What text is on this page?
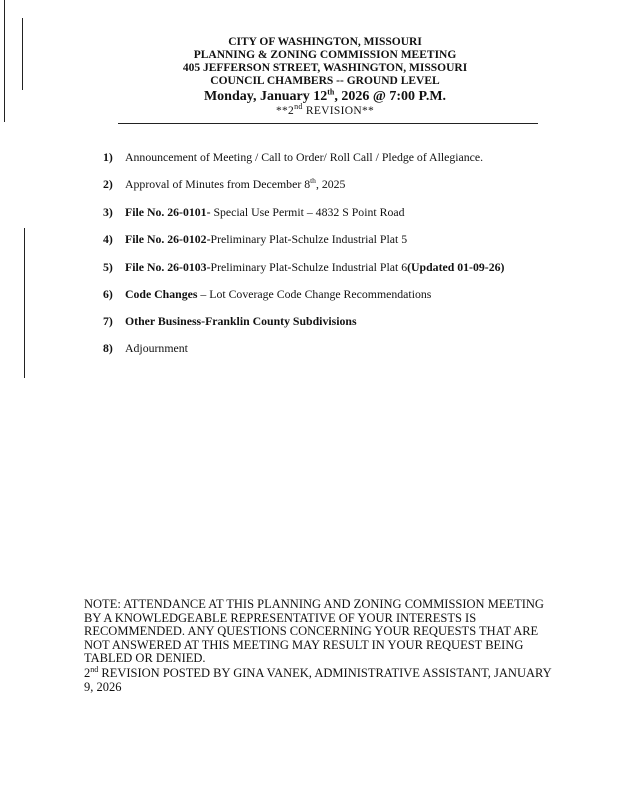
CITY OF WASHINGTON, MISSOURI
PLANNING & ZONING COMMISSION MEETING
405 JEFFERSON STREET, WASHINGTON, MISSOURI
COUNCIL CHAMBERS -- GROUND LEVEL
Monday, January 12th, 2026 @ 7:00 P.M.
**2nd REVISION**
1) Announcement of Meeting / Call to Order/ Roll Call / Pledge of Allegiance.
2) Approval of Minutes from December 8th, 2025
3) File No. 26-0101- Special Use Permit – 4832 S Point Road
4) File No. 26-0102-Preliminary Plat-Schulze Industrial Plat 5
5) File No. 26-0103-Preliminary Plat-Schulze Industrial Plat 6(Updated 01-09-26)
6) Code Changes – Lot Coverage Code Change Recommendations
7) Other Business-Franklin County Subdivisions
8) Adjournment
NOTE: ATTENDANCE AT THIS PLANNING AND ZONING COMMISSION MEETING BY A KNOWLEDGEABLE REPRESENTATIVE OF YOUR INTERESTS IS RECOMMENDED. ANY QUESTIONS CONCERNING YOUR REQUESTS THAT ARE NOT ANSWERED AT THIS MEETING MAY RESULT IN YOUR REQUEST BEING TABLED OR DENIED.
2nd REVISION POSTED BY GINA VANEK, ADMINISTRATIVE ASSISTANT, JANUARY 9, 2026
